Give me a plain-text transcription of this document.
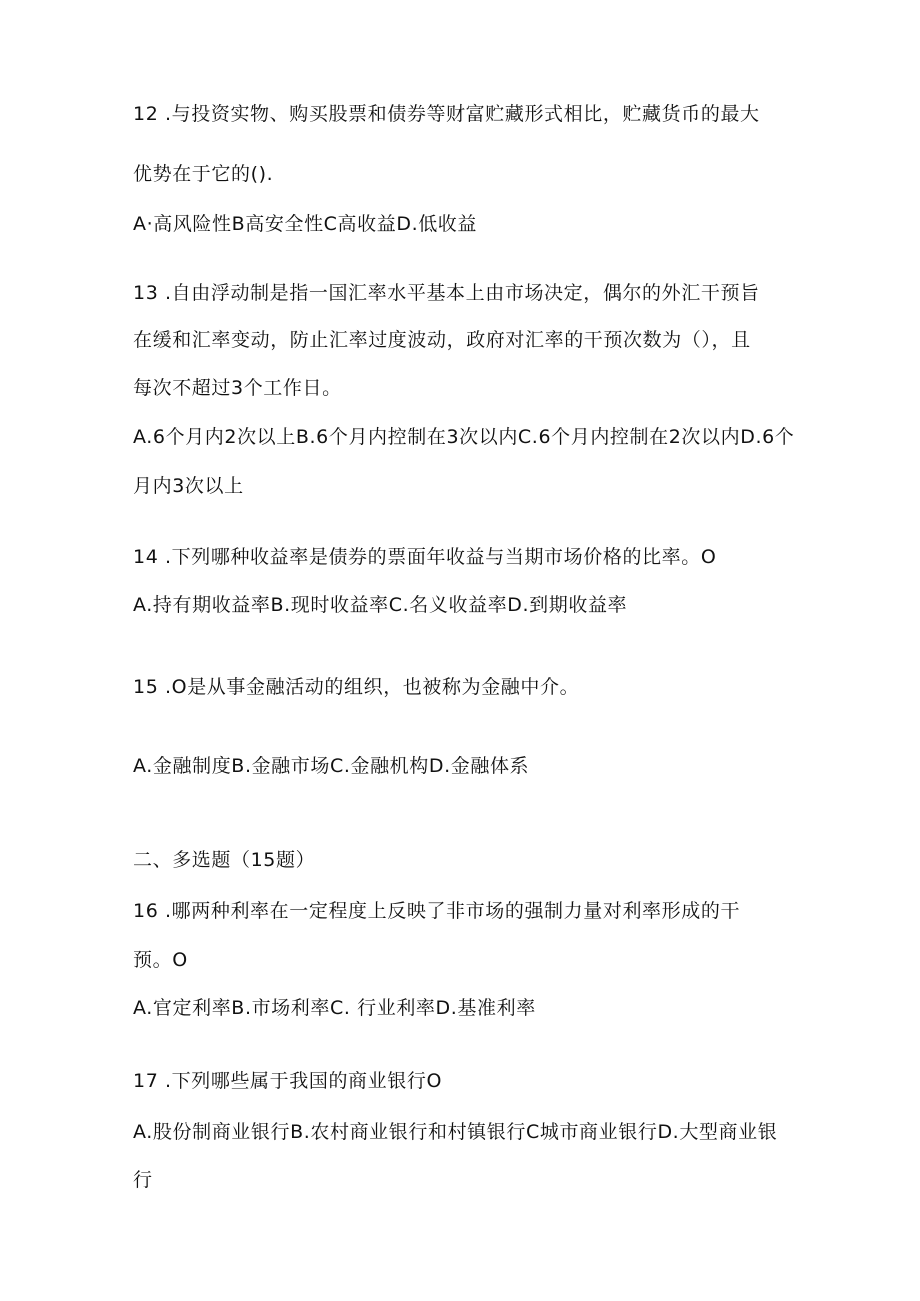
12 .与投资实物、购买股票和债券等财富贮藏形式相比，贮藏货币的最大
优势在于它的().
A·高风险性B高安全性C高收益D.低收益
13 .自由浮动制是指一国汇率水平基本上由市场决定，偶尔的外汇干预旨
在缓和汇率变动，防止汇率过度波动，政府对汇率的干预次数为（），且
每次不超过3个工作日。
A.6个月内2次以上B.6个月内控制在3次以内C.6个月内控制在2次以内D.6个
月内3次以上
14 .下列哪种收益率是债券的票面年收益与当期市场价格的比率。O
A.持有期收益率B.现时收益率C.名义收益率D.到期收益率
15 .O是从事金融活动的组织，也被称为金融中介。
A.金融制度B.金融市场C.金融机构D.金融体系
二、多选题（15题）
16 .哪两种利率在一定程度上反映了非市场的强制力量对利率形成的干
预。O
A.官定利率B.市场利率C. 行业利率D.基准利率
17 .下列哪些属于我国的商业银行O
A.股份制商业银行B.农村商业银行和村镇银行C城市商业银行D.大型商业银
行
